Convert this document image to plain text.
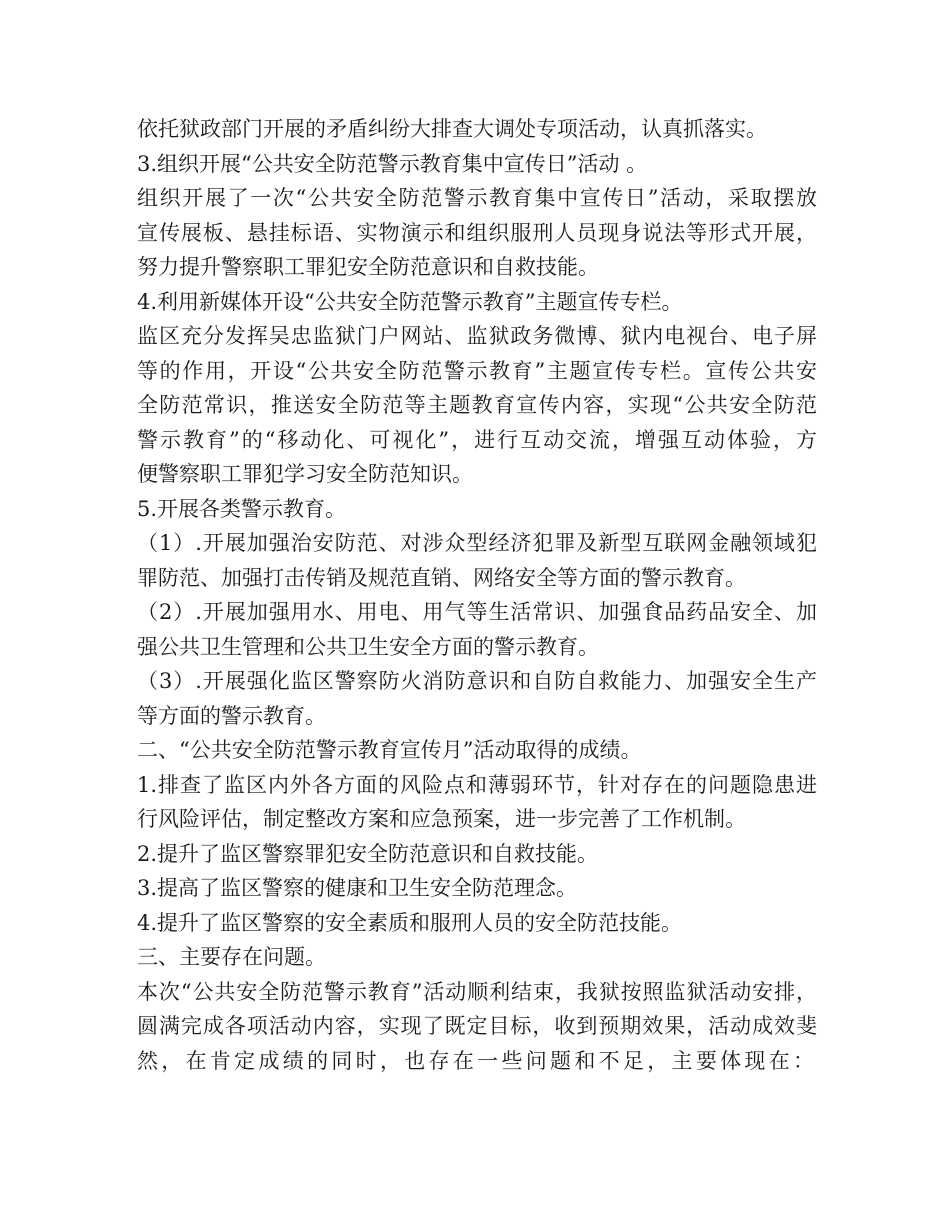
依托狱政部门开展的矛盾纠纷大排查大调处专项活动，认真抓落实。
3.组织开展“公共安全防范警示教育集中宣传日”活动 。
组织开展了一次“公共安全防范警示教育集中宣传日”活动，采取摆放
宣传展板、悬挂标语、实物演示和组织服刑人员现身说法等形式开展，
努力提升警察职工罪犯安全防范意识和自救技能。
4.利用新媒体开设“公共安全防范警示教育”主题宣传专栏。
监区充分发挥吴忠监狱门户网站、监狱政务微博、狱内电视台、电子屏
等的作用，开设“公共安全防范警示教育”主题宣传专栏。宣传公共安
全防范常识，推送安全防范等主题教育宣传内容，实现“公共安全防范
警示教育”的“移动化、可视化”，进行互动交流，增强互动体验，方
便警察职工罪犯学习安全防范知识。
5.开展各类警示教育。
（1）.开展加强治安防范、对涉众型经济犯罪及新型互联网金融领域犯
罪防范、加强打击传销及规范直销、网络安全等方面的警示教育。
（2）.开展加强用水、用电、用气等生活常识、加强食品药品安全、加
强公共卫生管理和公共卫生安全方面的警示教育。
（3）.开展强化监区警察防火消防意识和自防自救能力、加强安全生产
等方面的警示教育。
二、“公共安全防范警示教育宣传月”活动取得的成绩。
1.排查了监区内外各方面的风险点和薄弱环节，针对存在的问题隐患进
行风险评估，制定整改方案和应急预案，进一步完善了工作机制。
2.提升了监区警察罪犯安全防范意识和自救技能。
3.提高了监区警察的健康和卫生安全防范理念。
4.提升了监区警察的安全素质和服刑人员的安全防范技能。
三、主要存在问题。
本次“公共安全防范警示教育”活动顺利结束，我狱按照监狱活动安排，
圆满完成各项活动内容，实现了既定目标，收到预期效果，活动成效斐
然，在肯定成绩的同时，也存在一些问题和不足，主要体现在：
